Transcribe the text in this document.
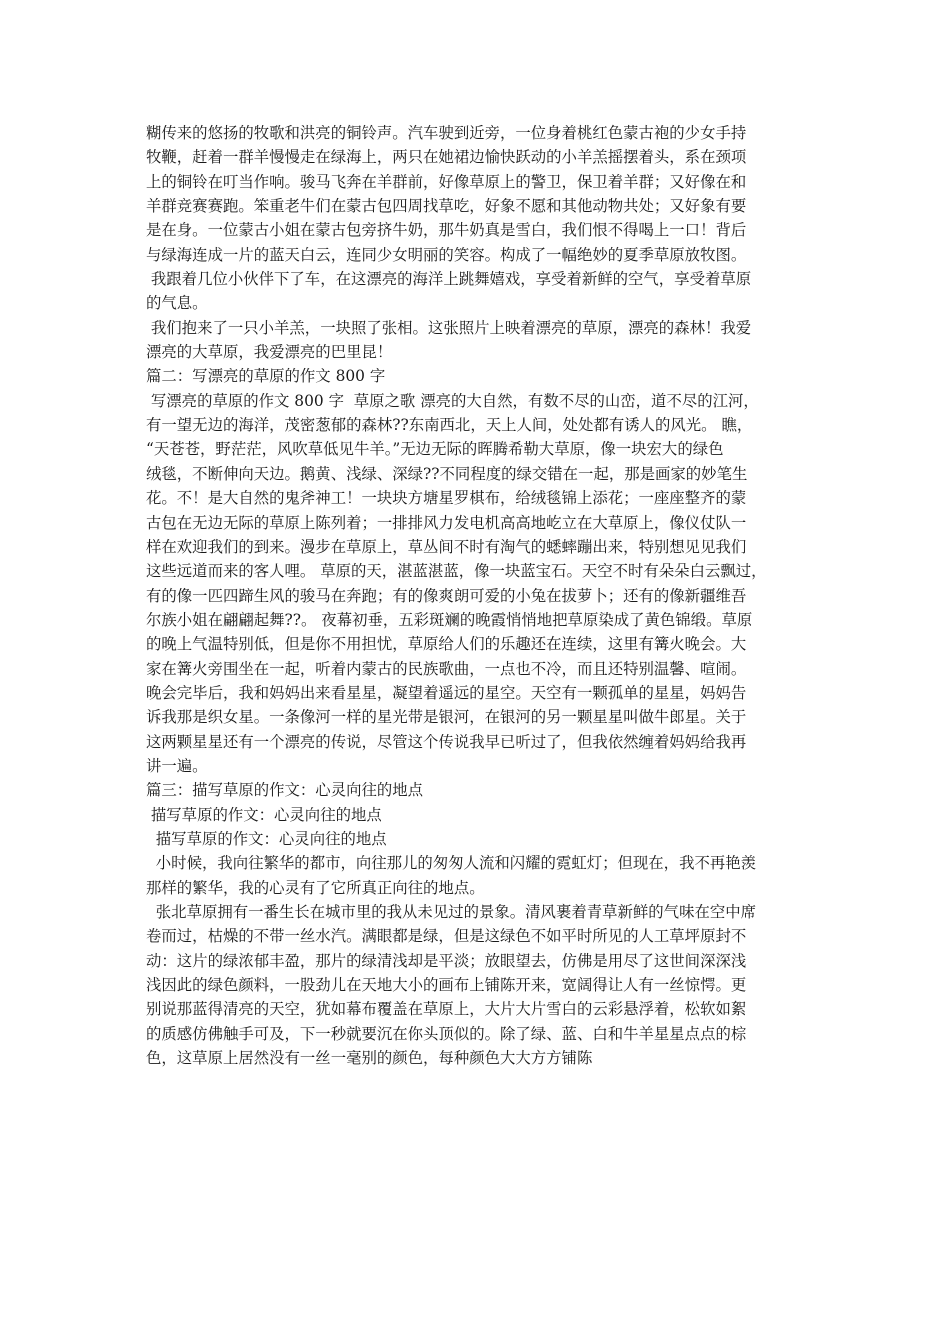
糊传来的悠扬的牧歌和洪亮的铜铃声。汽车驶到近旁，一位身着桃红色蒙古袍的少女手持
牧鞭，赶着一群羊慢慢走在绿海上，两只在她裙边愉快跃动的小羊羔摇摆着头，系在颈项
上的铜铃在叮当作响。骏马飞奔在羊群前，好像草原上的警卫，保卫着羊群；又好像在和
羊群竞赛赛跑。笨重老牛们在蒙古包四周找草吃，好象不愿和其他动物共处；又好象有要
是在身。一位蒙古小姐在蒙古包旁挤牛奶，那牛奶真是雪白，我们恨不得喝上一口！背后
与绿海连成一片的蓝天白云，连同少女明丽的笑容。构成了一幅绝妙的夏季草原放牧图。
我跟着几位小伙伴下了车，在这漂亮的海洋上跳舞嬉戏，享受着新鲜的空气，享受着草原
的气息。
我们抱来了一只小羊羔，一块照了张相。这张照片上映着漂亮的草原，漂亮的森林！我爱
漂亮的大草原，我爱漂亮的巴里昆！
篇二：写漂亮的草原的作文 800 字
写漂亮的草原的作文 800 字  草原之歌 漂亮的大自然，有数不尽的山峦，道不尽的江河，
有一望无边的海洋，茂密葱郁的森林??东南西北，天上人间，处处都有诱人的风光。 瞧，
“天苍苍，野茫茫，风吹草低见牛羊。”无边无际的晖腾希勒大草原，像一块宏大的绿色
绒毯，不断伸向天边。鹅黄、浅绿、深绿??不同程度的绿交错在一起，那是画家的妙笔生
花。不！是大自然的鬼斧神工！一块块方塘星罗棋布，给绒毯锦上添花；一座座整齐的蒙
古包在无边无际的草原上陈列着；一排排风力发电机高高地屹立在大草原上，像仪仗队一
样在欢迎我们的到来。漫步在草原上，草丛间不时有淘气的蟋蟀蹦出来，特别想见见我们
这些远道而来的客人哩。 草原的天，湛蓝湛蓝，像一块蓝宝石。天空不时有朵朵白云飘过，
有的像一匹四蹄生风的骏马在奔跑；有的像爽朗可爱的小兔在拔萝卜；还有的像新疆维吾
尔族小姐在翩翩起舞??。 夜幕初垂，五彩斑斓的晚霞悄悄地把草原染成了黄色锦缎。草原
的晚上气温特别低，但是你不用担忧，草原给人们的乐趣还在连续，这里有篝火晚会。大
家在篝火旁围坐在一起，听着内蒙古的民族歌曲，一点也不冷，而且还特别温馨、喧闹。
晚会完毕后，我和妈妈出来看星星，凝望着遥远的星空。天空有一颗孤单的星星，妈妈告
诉我那是织女星。一条像河一样的星光带是银河，在银河的另一颗星星叫做牛郎星。关于
这两颗星星还有一个漂亮的传说，尽管这个传说我早已听过了，但我依然缠着妈妈给我再
讲一遍。
篇三：描写草原的作文：心灵向往的地点
描写草原的作文：心灵向往的地点
描写草原的作文：心灵向往的地点
小时候，我向往繁华的都市，向往那儿的匆匆人流和闪耀的霓虹灯；但现在，我不再艳羡
那样的繁华，我的心灵有了它所真正向往的地点。
张北草原拥有一番生长在城市里的我从未见过的景象。清风裹着青草新鲜的气味在空中席
卷而过，枯燥的不带一丝水汽。满眼都是绿，但是这绿色不如平时所见的人工草坪原封不
动：这片的绿浓郁丰盈，那片的绿清浅却是平淡；放眼望去，仿佛是用尽了这世间深深浅
浅因此的绿色颜料，一股劲儿在天地大小的画布上铺陈开来，宽阔得让人有一丝惊愕。更
别说那蓝得清亮的天空，犹如幕布覆盖在草原上，大片大片雪白的云彩悬浮着，松软如絮
的质感仿佛触手可及，下一秒就要沉在你头顶似的。除了绿、蓝、白和牛羊星星点点的棕
色，这草原上居然没有一丝一毫别的颜色，每种颜色大大方方铺陈
